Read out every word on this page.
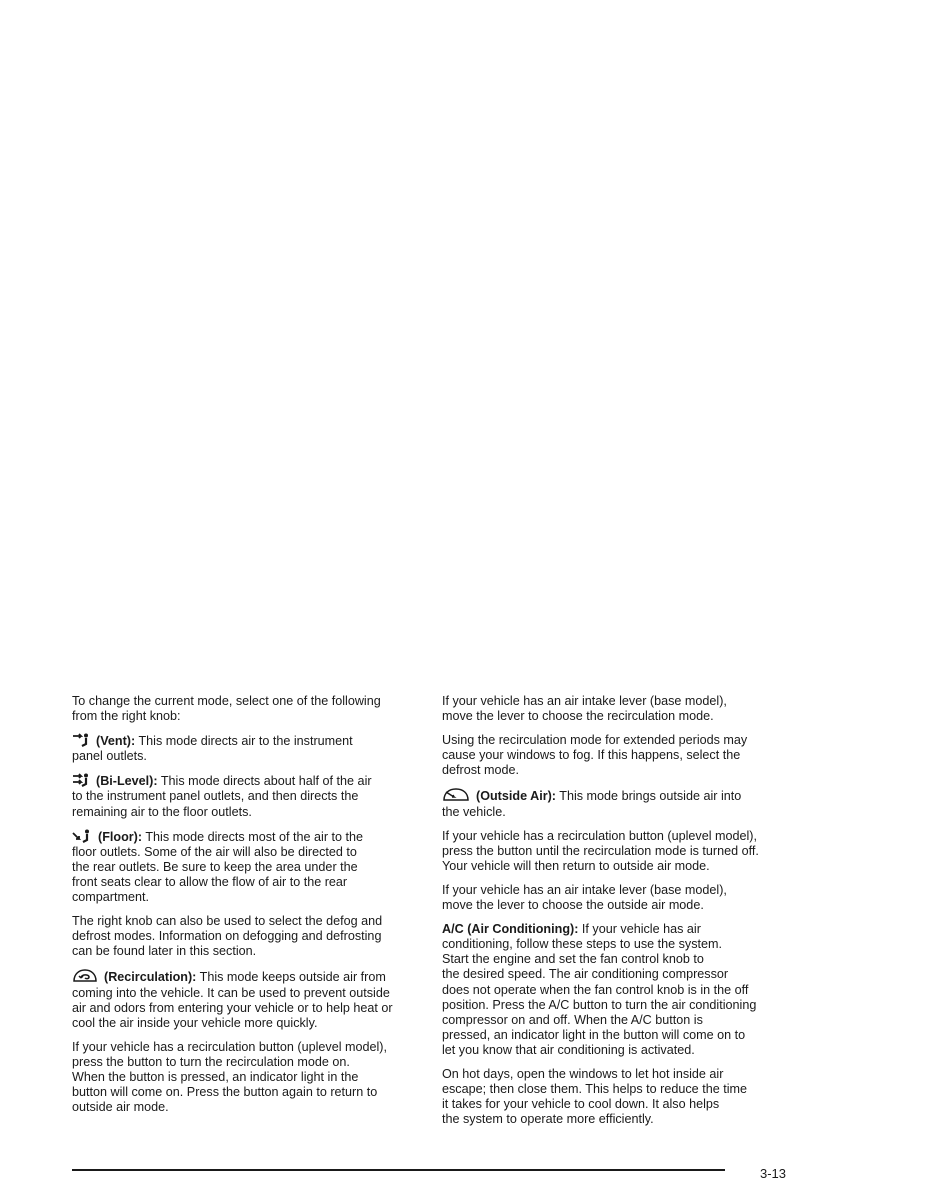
To change the current mode, select one of the following
from the right knob:

(Vent): This mode directs air to the instrument
panel outlets.

(Bi-Level): This mode directs about half of the air
to the instrument panel outlets, and then directs the
remaining air to the floor outlets.

(Floor): This mode directs most of the air to the
floor outlets. Some of the air will also be directed to
the rear outlets. Be sure to keep the area under the
front seats clear to allow the flow of air to the rear
compartment.

The right knob can also be used to select the defog and
defrost modes. Information on defogging and defrosting
can be found later in this section.

(Recirculation): This mode keeps outside air from
coming into the vehicle. It can be used to prevent outside
air and odors from entering your vehicle or to help heat or
cool the air inside your vehicle more quickly.

If your vehicle has a recirculation button (uplevel model),
press the button to turn the recirculation mode on.
When the button is pressed, an indicator light in the
button will come on. Press the button again to return to
outside air mode.

If your vehicle has an air intake lever (base model),
move the lever to choose the recirculation mode.

Using the recirculation mode for extended periods may
cause your windows to fog. If this happens, select the
defrost mode.

(Outside Air): This mode brings outside air into
the vehicle.

If your vehicle has a recirculation button (uplevel model),
press the button until the recirculation mode is turned off.
Your vehicle will then return to outside air mode.

If your vehicle has an air intake lever (base model),
move the lever to choose the outside air mode.

A/C (Air Conditioning): If your vehicle has air
conditioning, follow these steps to use the system.
Start the engine and set the fan control knob to
the desired speed. The air conditioning compressor
does not operate when the fan control knob is in the off
position. Press the A/C button to turn the air conditioning
compressor on and off. When the A/C button is
pressed, an indicator light in the button will come on to
let you know that air conditioning is activated.

On hot days, open the windows to let hot inside air
escape; then close them. This helps to reduce the time
it takes for your vehicle to cool down. It also helps
the system to operate more efficiently.

3-13
